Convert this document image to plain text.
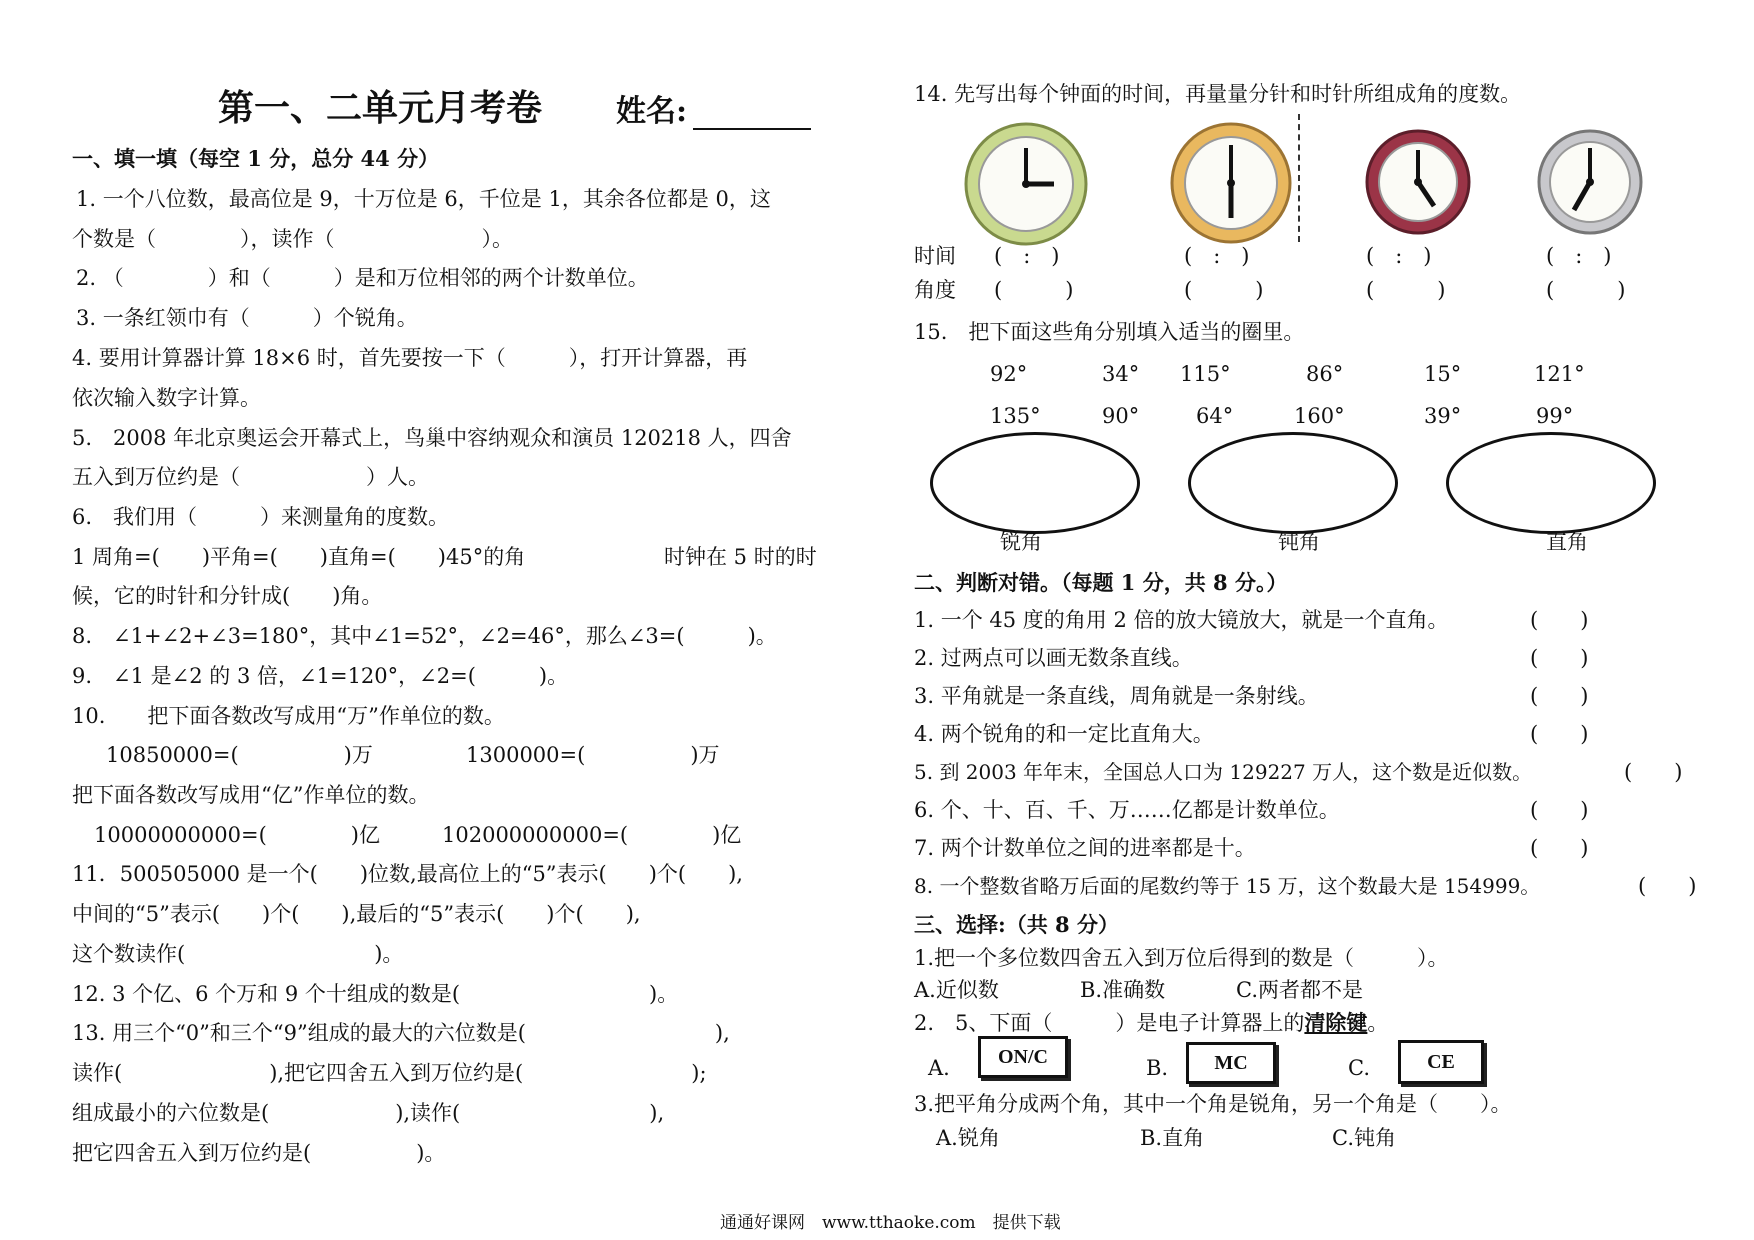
第一、二单元月考卷 姓名:
一、填一填（每空 1 分，总分 44 分）
1. 一个八位数，最高位是 9，十万位是 6，千位是 1，其余各位都是 0，这
个数是（　　　　），读作（　　　　　　　）。
2. （　　　　）和（　　　）是和万位相邻的两个计数单位。
3. 一条红领巾有（　　　）个锐角。
4. 要用计算器计算 18×6 时，首先要按一下（　　　），打开计算器，再
依次输入数字计算。
5.　2008 年北京奥运会开幕式上，鸟巢中容纳观众和演员 120218 人，四舍
五入到万位约是（　　　　　　）人。
6.　我们用（　　　）来测量角的度数。
1 周角=(　　)平角=(　　)直角=(　　)45°的角	时钟在 5 时的时
候，它的时针和分针成(　　)角。
8.　∠1+∠2+∠3=180°，其中∠1=52°，∠2=46°，那么∠3=(　　　)。
9.　∠1 是∠2 的 3 倍，∠1=120°，∠2=(　　　)。
10.　　把下面各数改写成用“万”作单位的数。
10850000=(　　　　　)万	1300000=(　　　　　)万
把下面各数改写成用“亿”作单位的数。
10000000000=(　　　　)亿	102000000000=(　　　　)亿
11．500505000 是一个(　　)位数,最高位上的“5”表示(　　)个(　　),
中间的“5”表示(　　)个(　　),最后的“5”表示(　　)个(　　),
这个数读作(　　　　　　　　　)。
12. 3 个亿、6 个万和 9 个十组成的数是(　　　　　　　　　)。
13. 用三个“0”和三个“9”组成的最大的六位数是(　　　　　　　　　),
读作(　　　　　　　),把它四舍五入到万位约是(　　　　　　　　);
组成最小的六位数是(　　　　　　),读作(　　　　　　　　　),
把它四舍五入到万位约是(　　　　　)。
14. 先写出每个钟面的时间，再量量分针和时针所组成角的度数。
时间
角度
(　:　)	(　:　)	(　:　)	(　:　)
(　　　)	(　　　)	(　　　)	(　　　)
15.　把下面这些角分别填入适当的圈里。
92°	34° 115°	86°	15°	121°
135°	90°	64°	160°	39°	99°
锐角	钝角	直角
二、判断对错。（每题 1 分，共 8 分。）
1. 一个 45 度的角用 2 倍的放大镜放大，就是一个直角。	(　　)
2. 过两点可以画无数条直线。	(　　)
3. 平角就是一条直线，周角就是一条射线。	(　　)
4. 两个锐角的和一定比直角大。	(　　)
5. 到 2003 年年末，全国总人口为 129227 万人，这个数是近似数。	(　　)
6. 个、十、百、千、万……亿都是计数单位。	(　　)
7. 两个计数单位之间的进率都是十。	(　　)
8. 一个整数省略万后面的尾数约等于 15 万，这个数最大是 154999。	(　　)
三、选择:（共 8 分）
1.把一个多位数四舍五入到万位后得到的数是（　　　）。
A.近似数	B.准确数	C.两者都不是
2.　5、下面（　　　）是电子计算器上的清除键。
A.	ON/C	B.	MC	C.	CE
3.把平角分成两个角，其中一个角是锐角，另一个角是（　　）。
A.锐角	B.直角	C.钝角
通通好课网　www.tthaoke.com　提供下载
